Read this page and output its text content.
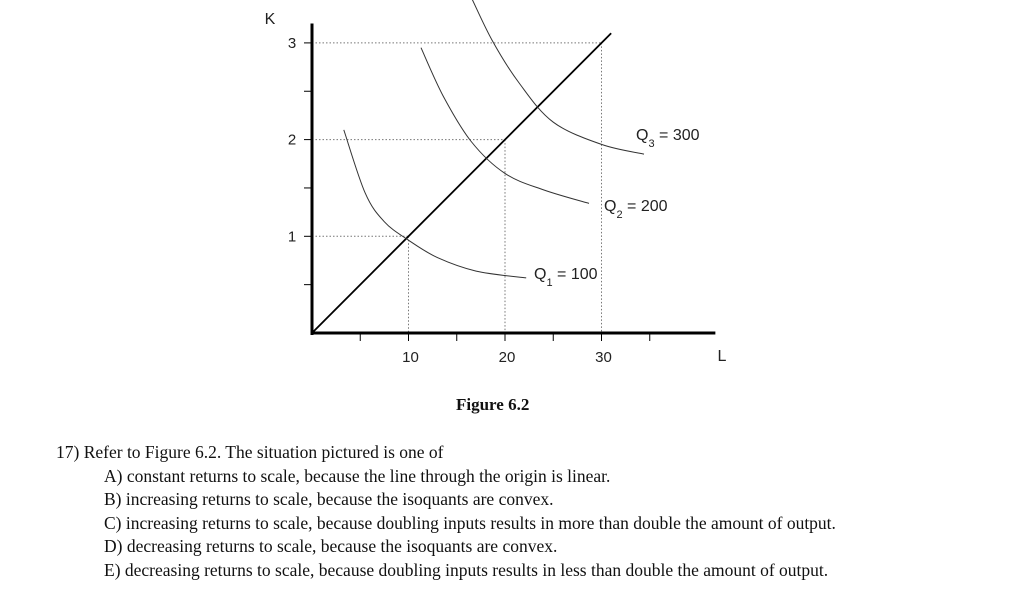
10	20	30
1
2
3
K
L
$Q_1 = 100$
$Q_2 = 200$
$Q_3 = 300$
Figure 6.2
17) Refer to Figure 6.2. The situation pictured is one of
A) constant returns to scale, because the line through the origin is linear.
B) increasing returns to scale, because the isoquants are convex.
C) increasing returns to scale, because doubling inputs results in more than double the amount of output.
D) decreasing returns to scale, because the isoquants are convex.
E) decreasing returns to scale, because doubling inputs results in less than double the amount of output.
